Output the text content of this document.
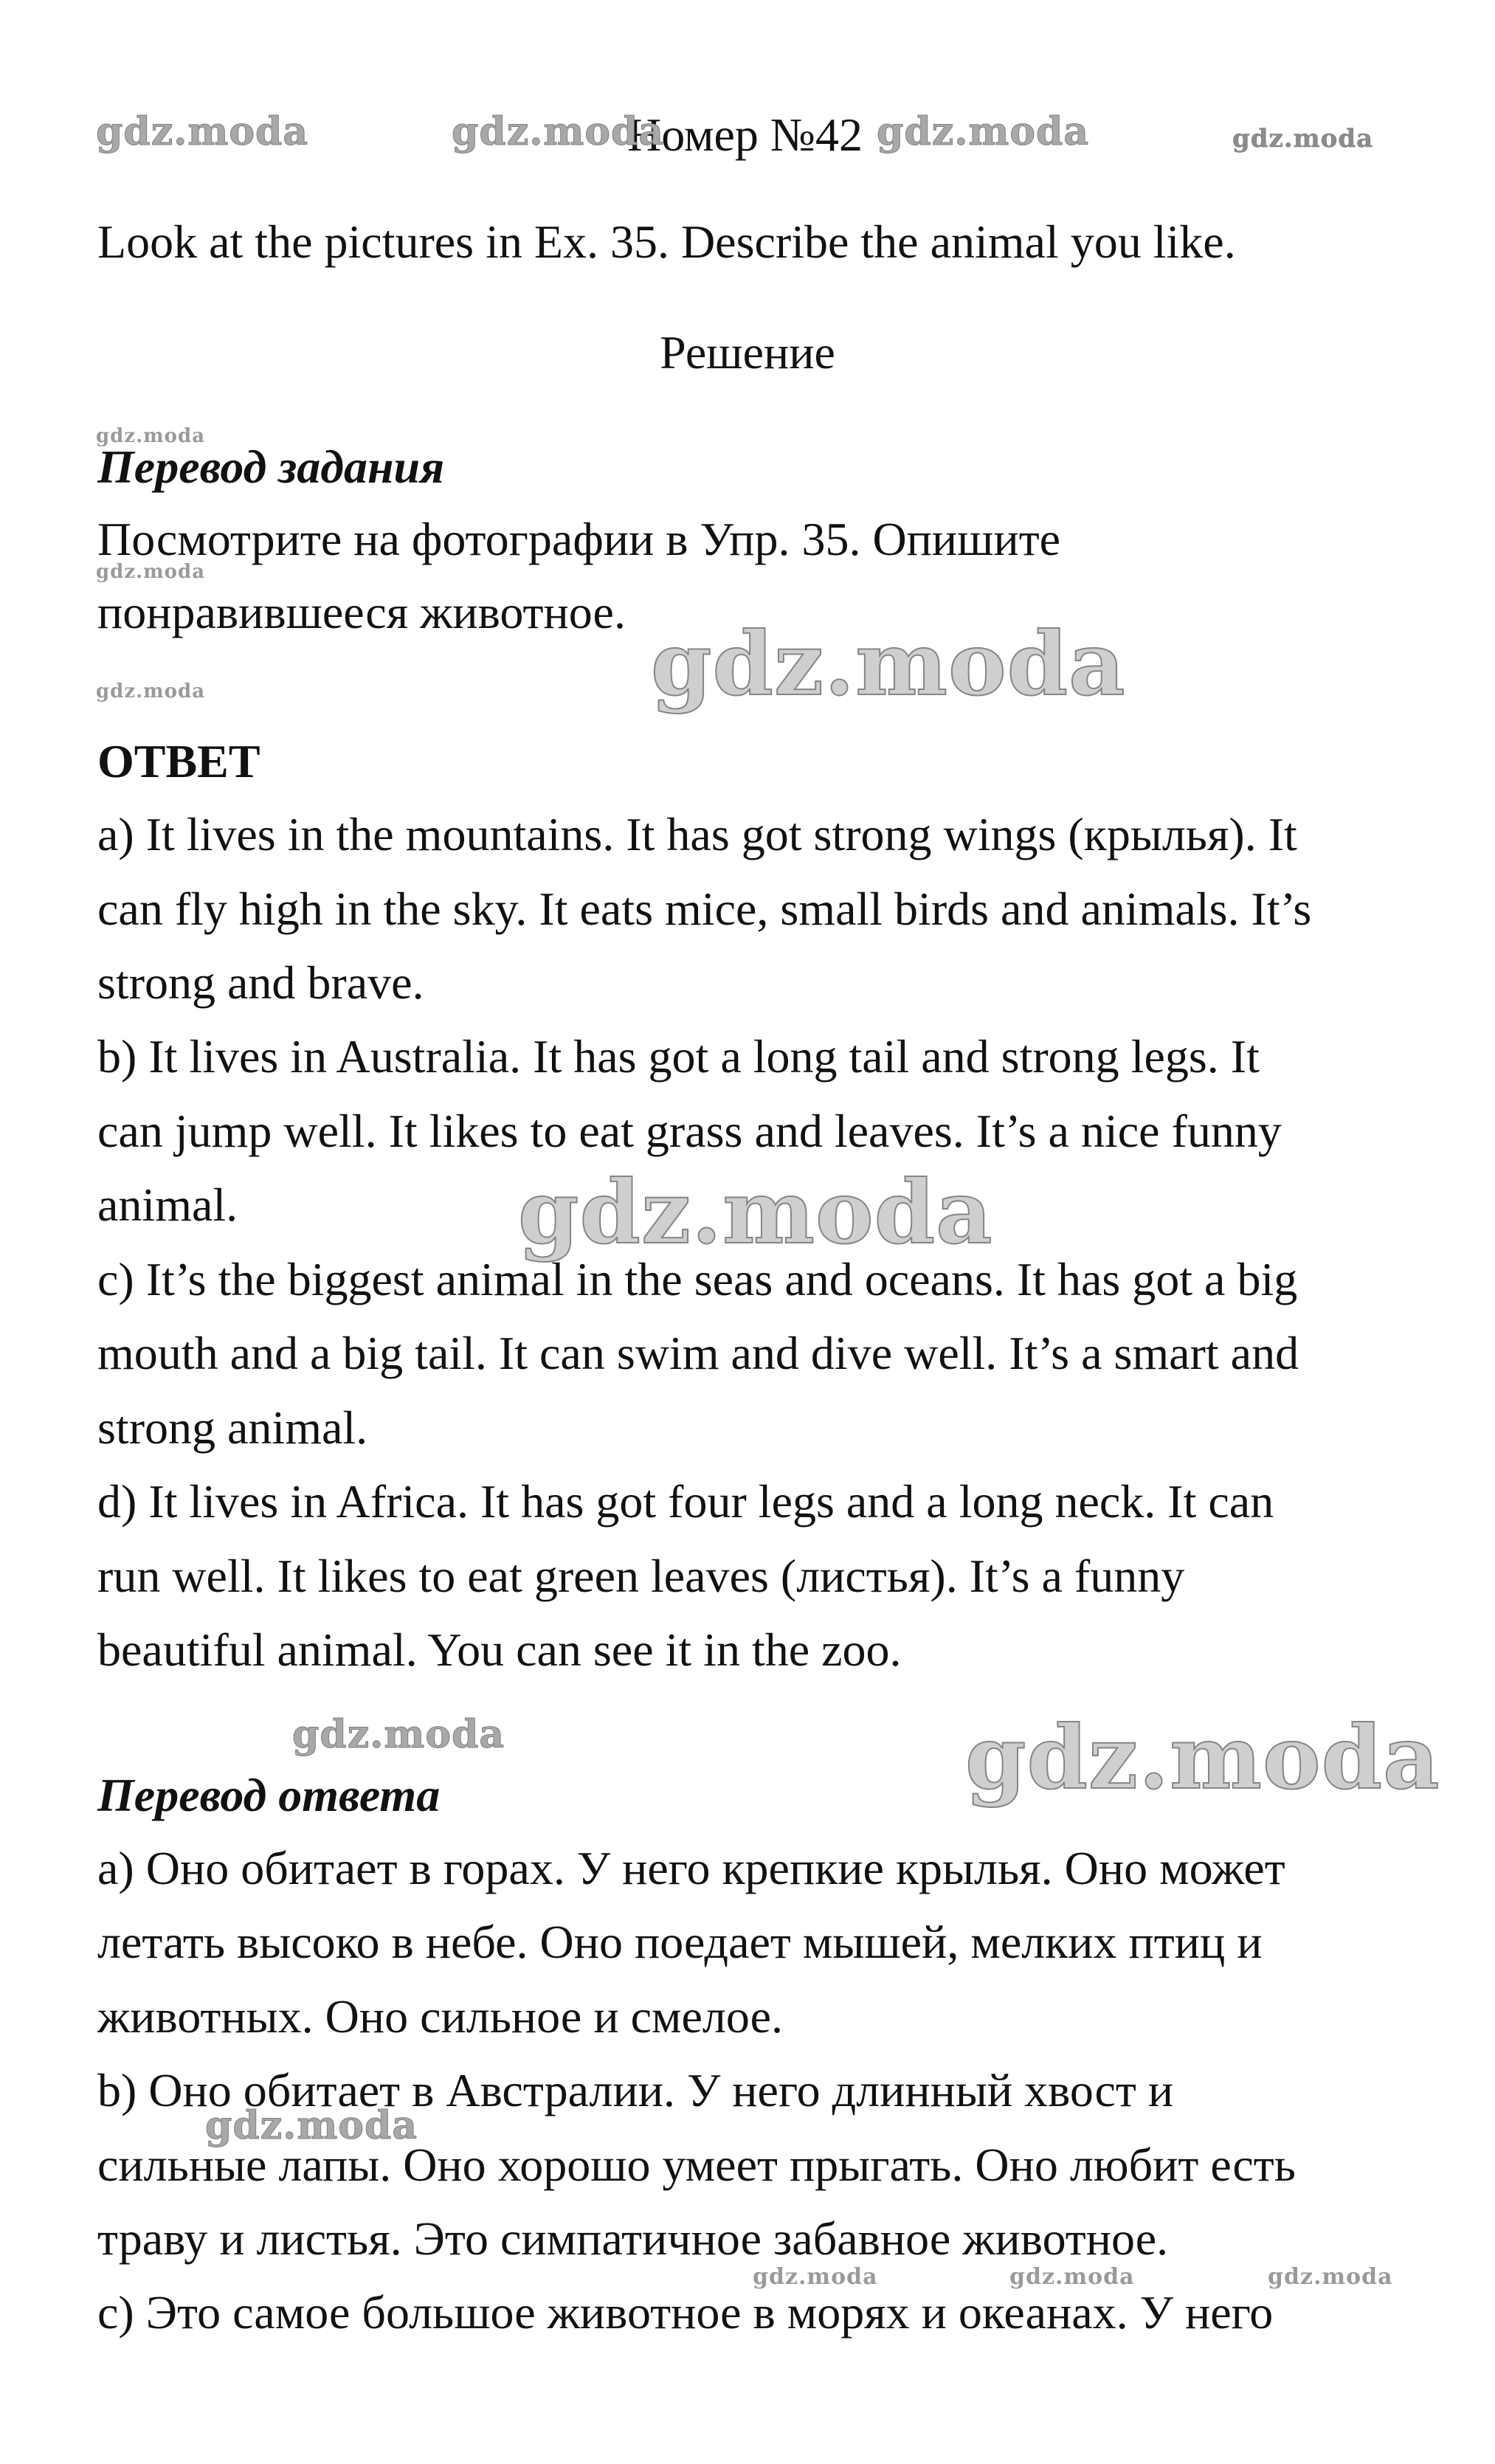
Номер №42

Look at the pictures in Ex. 35. Describe the animal you like.

Решение

Перевод задания

Посмотрите на фотографии в Упр. 35. Опишите

понравившееся животное.

ОТВЕТ

a) It lives in the mountains. It has got strong wings (крылья). It

can fly high in the sky. It eats mice, small birds and animals. It’s

strong and brave.

b) It lives in Australia. It has got a long tail and strong legs. It

can jump well. It likes to eat grass and leaves. It’s a nice funny

animal.

c) It’s the biggest animal in the seas and oceans. It has got a big

mouth and a big tail. It can swim and dive well. It’s a smart and

strong animal.

d) It lives in Africa. It has got four legs and a long neck. It can

run well. It likes to eat green leaves (листья). It’s a funny

beautiful animal. You can see it in the zoo.

Перевод ответа

а) Оно обитает в горах. У него крепкие крылья. Оно может

летать высоко в небе. Оно поедает мышей, мелких птиц и

животных. Оно сильное и смелое.

b) Оно обитает в Австралии. У него длинный хвост и

сильные лапы. Оно хорошо умеет прыгать. Оно любит есть

траву и листья. Это симпатичное забавное животное.

c) Это самое большое животное в морях и океанах. У него

gdz.moda	gdz.moda	gdz.moda	gdz.moda
gdz.moda
gdz.moda
gdz.moda	gdz.moda
gdz.moda
gdz.moda	gdz.moda
gdz.moda
gdz.moda	gdz.moda	gdz.moda
